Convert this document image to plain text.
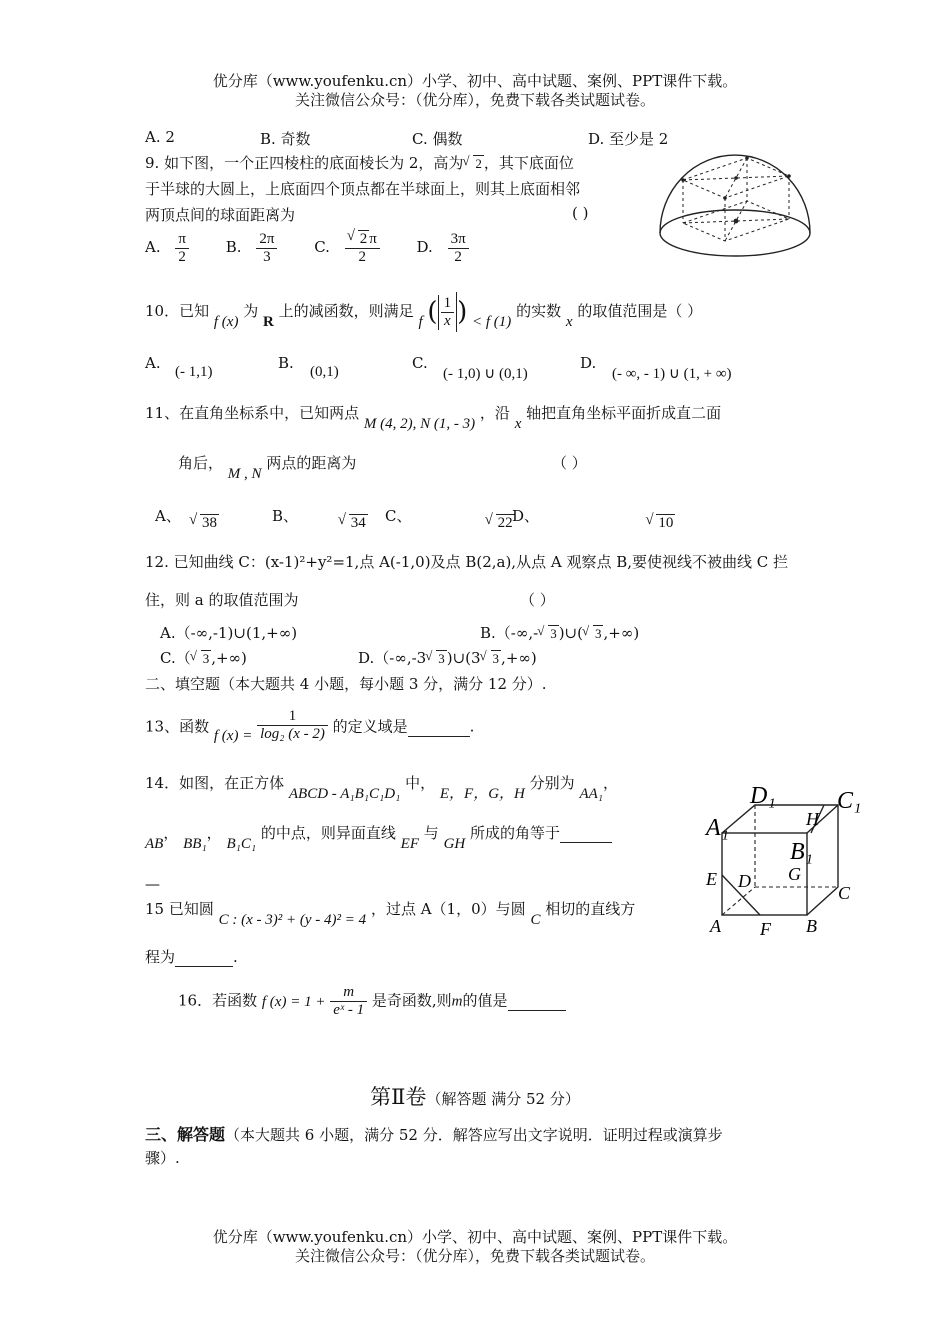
优分库（www.youfenku.cn）小学、初中、高中试题、案例、PPT课件下载。
关注微信公众号：（优分库），免费下载各类试题试卷。
A. 2	B. 奇数	C. 偶数	D. 至少是 2
9. 如下图，一个正四棱柱的底面棱长为 2，高为 √ 2 ，其下底面位
于半球的大圆上，上底面四个顶点都在半球面上，则其上底面相邻
两顶点间的球面距离为	( )
A. $\frac{\pi}{2} B$. $\frac{2\pi}{3} C$. √ $\frac{2 \pi}{2} D$. $\frac{3\pi}{2}$
10．已知 f (x) 为 R 上的减函数，则满足 f ( $\frac{1}{x}$ ) < f (1) 的实数 x 的取值范围是（ ）
A. (- 1,1)	B. (0,1)	C.
(- 1,0) ∪ (0,1)
D.
(- ∞, - 1) ∪ (1, + ∞)
11、在直角坐标系中，已知两点 M (4, 2), N (1, - 3) ，沿 x 轴把直角坐标平面折成直二面
角后， M , N 两点的距离为	（ ）
A、 √ 38	B、	√ 34 C、	√ 22 D、	√ 10
12. 已知曲线 C：(x-1)²+y²=1,点 A(-1,0)及点 B(2,a),从点 A 观察点 B,要使视线不被曲线 C 拦
住，则 a 的取值范围为	（ ）
A.（-∞,-1)∪(1,+∞)	B.（-∞,- √ 3 )∪( √ 3 ,+∞)
C.（ √ 3 ,+∞)	D.（-∞,-3 √ 3 )∪(3 √ 3 ,+∞)
二、填空题（本大题共 4 小题，每小题 3 分，满分 12 分）.
13、函数 f $(x) = \frac{1}{\text{log₂ (x - 2)}}$ 的定义域是	.
14．如图，在正方体 ABCD - A₁B₁C₁D₁ 中， E，F，G，H 分别为 AA₁，
AB， BB₁， B₁C₁ 的中点，则异面直线 EF 与 GH 所成的角等于
—
15 已知圆 C : (x - 3)² + (y - 4)² = 4 ，过点 A（1，0）与圆 C 相切的直线方
程为	.
16．若函数 f $(x) = 1 + \frac{m}{\text{eˣ - 1}}$ 是奇函数,则m的值是
D₁	C₁
A₁
B₁
H
G
E D
C
A F B
第Ⅱ卷（解答题 满分 52 分）
三、解答题（本大题共 6 小题，满分 52 分．解答应写出文字说明．证明过程或演算步
骤）.
优分库（www.youfenku.cn）小学、初中、高中试题、案例、PPT课件下载。
关注微信公众号：（优分库），免费下载各类试题试卷。
